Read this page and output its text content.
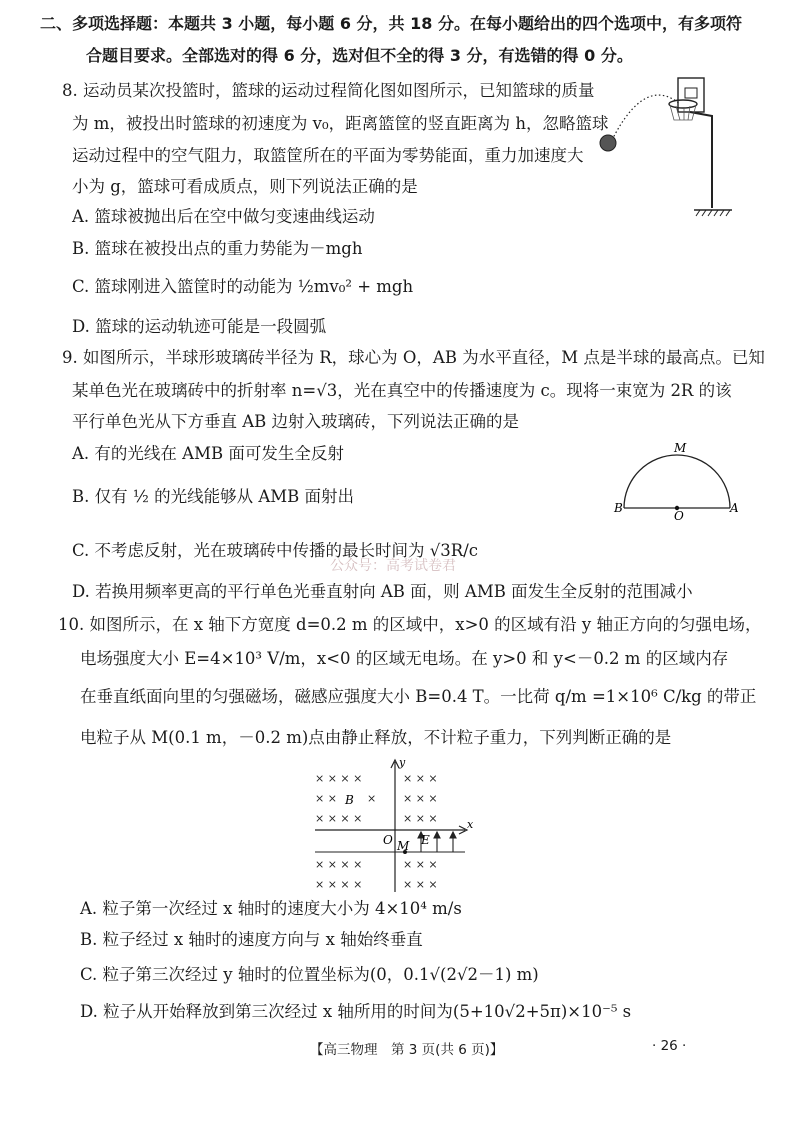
二、多项选择题：本题共 3 小题，每小题 6 分，共 18 分。在每小题给出的四个选项中，有多项符
合题目要求。全部选对的得 6 分，选对但不全的得 3 分，有选错的得 0 分。
8. 运动员某次投篮时，篮球的运动过程简化图如图所示，已知篮球的质量
为 m，被投出时篮球的初速度为 v₀，距离篮筐的竖直距离为 h，忽略篮球
运动过程中的空气阻力，取篮筐所在的平面为零势能面，重力加速度大
小为 g，篮球可看成质点，则下列说法正确的是
A. 篮球被抛出后在空中做匀变速曲线运动
B. 篮球在被投出点的重力势能为－mgh
C. 篮球刚进入篮筐时的动能为 ½mv₀² + mgh
D. 篮球的运动轨迹可能是一段圆弧
9. 如图所示，半球形玻璃砖半径为 R，球心为 O，AB 为水平直径，M 点是半球的最高点。已知
某单色光在玻璃砖中的折射率 n=√3，光在真空中的传播速度为 c。现将一束宽为 2R 的该
平行单色光从下方垂直 AB 边射入玻璃砖，下列说法正确的是
A. 有的光线在 AMB 面可发生全反射
B. 仅有 ½ 的光线能够从 AMB 面射出
C. 不考虑反射，光在玻璃砖中传播的最长时间为 √3R/c
公众号：高考试卷君
D. 若换用频率更高的平行单色光垂直射向 AB 面，则 AMB 面发生全反射的范围减小
M
B
O
A
10. 如图所示，在 x 轴下方宽度 d=0.2 m 的区域中，x>0 的区域有沿 y 轴正方向的匀强电场，
电场强度大小 E=4×10³ V/m，x<0 的区域无电场。在 y>0 和 y<－0.2 m 的区域内存
在垂直纸面向里的匀强磁场，磁感应强度大小 B=0.4 T。一比荷 q/m =1×10⁶ C/kg 的带正
电粒子从 M(0.1 m，－0.2 m)点由静止释放，不计粒子重力，下列判断正确的是
× × × ×	× × ×
× ×	× × × ×
× × × ×	× × ×
× × × ×	× × ×
× × × ×	× × ×
y
x
B
O M E
A. 粒子第一次经过 x 轴时的速度大小为 4×10⁴ m/s
B. 粒子经过 x 轴时的速度方向与 x 轴始终垂直
C. 粒子第三次经过 y 轴时的位置坐标为(0，0.1√(2√2－1) m)
D. 粒子从开始释放到第三次经过 x 轴所用的时间为(5+10√2+5π)×10⁻⁵ s
【高三物理　第 3 页(共 6 页)】	· 26 ·
